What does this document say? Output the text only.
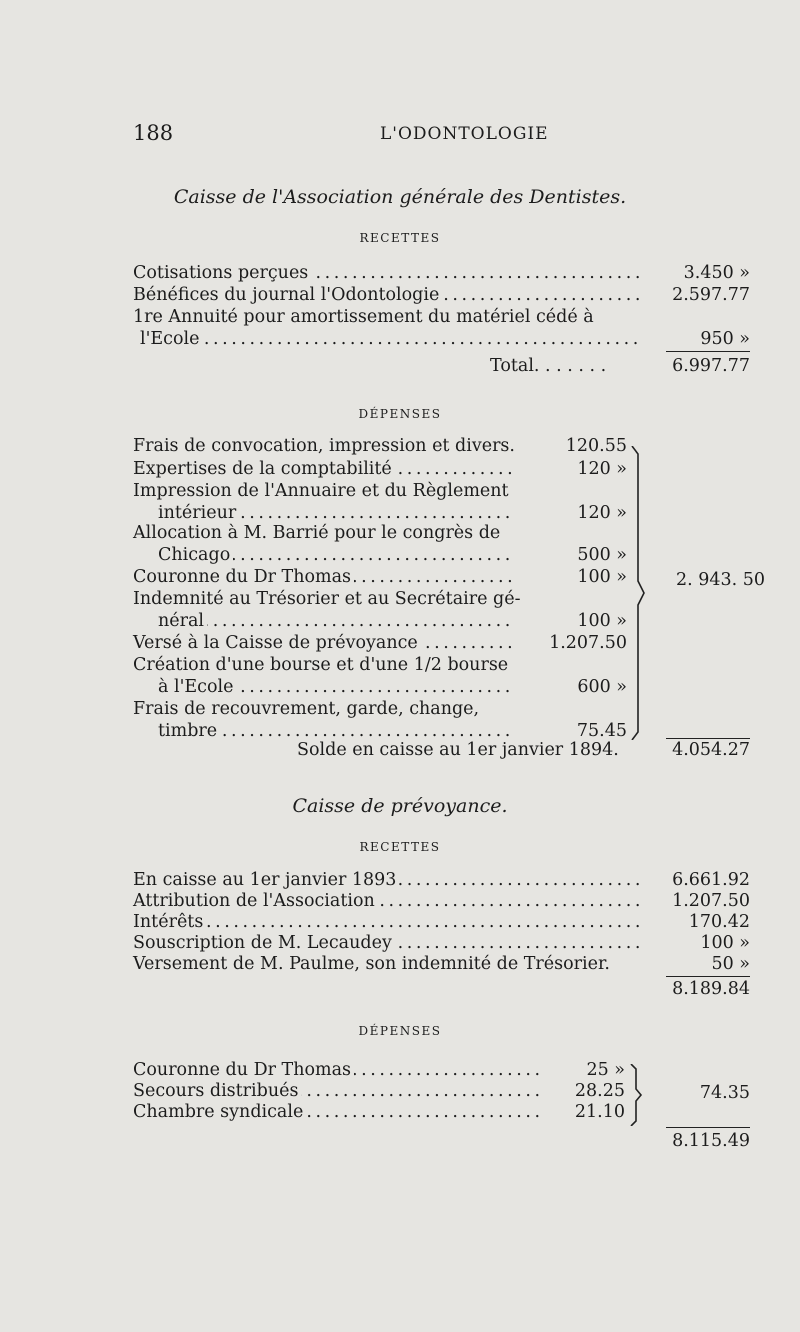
188	L'ODONTOLOGIE
Caisse de l'Association générale des Dentistes.
RECETTES
. . .
Cotisations perçues	3.450 »
. . .
Bénéfices du journal l'Odontologie	2.597.77
1re Annuité pour amortissement du matériel cédé à
. . .
l'Ecole	950 »
Total. . . . . . .	6.997.77
DÉPENSES
Frais de convocation, impression et divers.	120.55
. . .
Expertises de la comptabilité	120 »
Impression de l'Annuaire et du Règlement
. . .
intérieur	120 »
Allocation à M. Barrié pour le congrès de
. . .
Chicago	500 »
. . .
Couronne du Dr Thomas	100 »
Indemnité au Trésorier et au Secrétaire gé-
. . .
néral	100 »
. . .
Versé à la Caisse de prévoyance	1.207.50
Création d'une bourse et d'une 1/2 bourse
. . .
à l'Ecole	600 »
Frais de recouvrement, garde, change,
. . .
timbre	75.45
2. 943. 50
Solde en caisse au 1er janvier 1894.	4.054.27
Caisse de prévoyance.
RECETTES
. . .
En caisse au 1er janvier 1893	6.661.92
. . .
Attribution de l'Association	1.207.50
. . .
Intérêts	170.42
. . .
Souscription de M. Lecaudey	100 »
Versement de M. Paulme, son indemnité de Trésorier.	50 »
8.189.84
DÉPENSES
. . .
Couronne du Dr Thomas	25 »
. . .
Secours distribués	28.25
. . .
Chambre syndicale	21.10
74.35
8.115.49
